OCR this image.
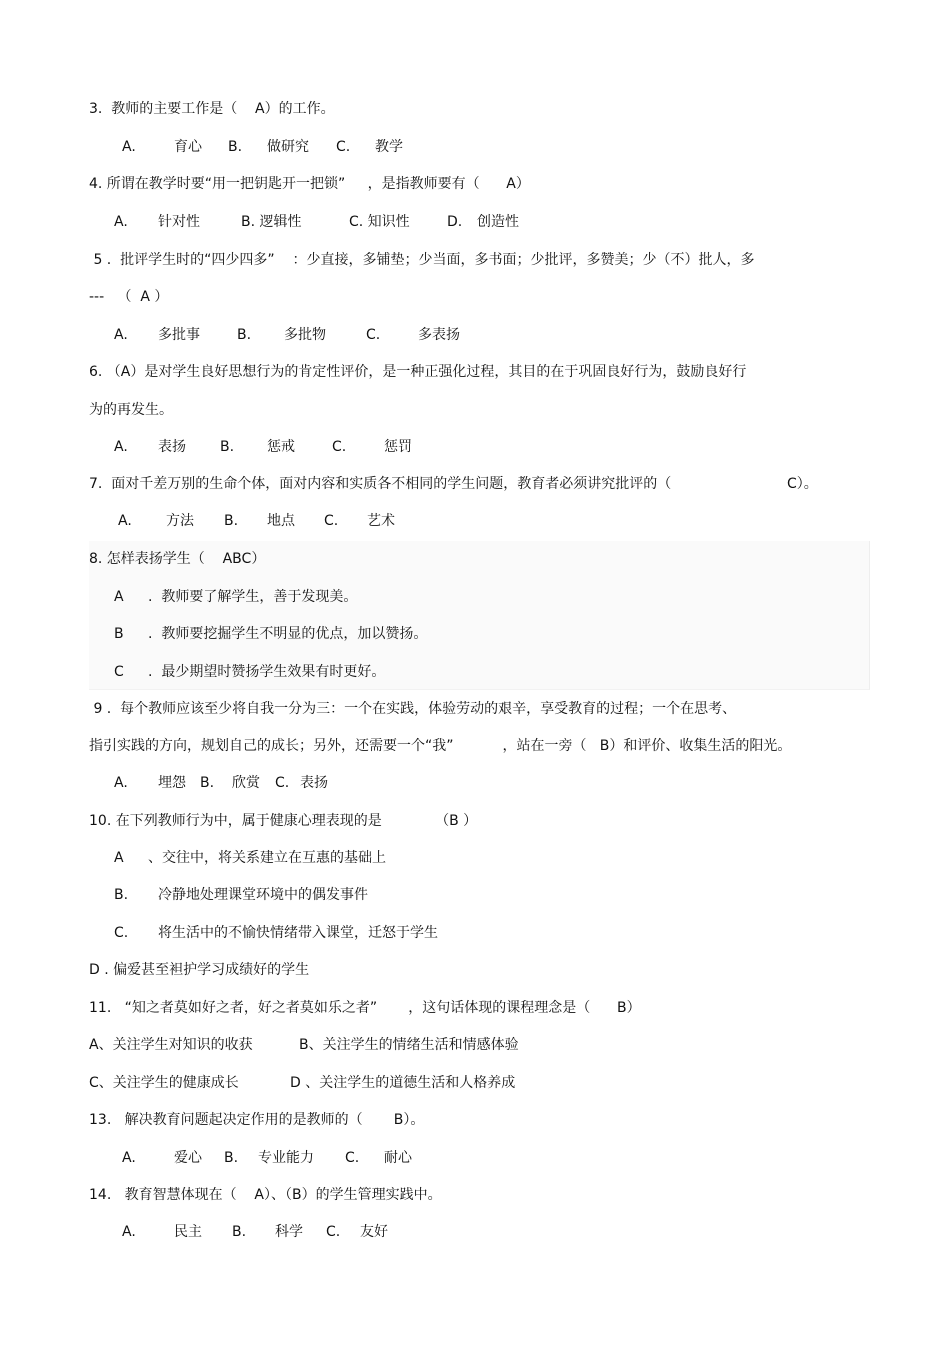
3.  教师的主要工作是（    A）的工作。
A.	育心 B. 做研究 C. 教学
4. 所谓在教学时要“用一把钥匙开一把锁”     ，是指教师要有（      A）
A. 针对性	B. 逻辑性	C. 知识性	D. 创造性
5 .  批评学生时的“四少四多”    ：少直接，多铺垫；少当面，多书面；少批评，多赞美；少（不）批人，多
---   （  A ）
A. 多批事	B. 多批物	C.	多表扬
6. （A）是对学生良好思想行为的肯定性评价，是一种正强化过程，其目的在于巩固良好行为，鼓励良好行
为的再发生。
A. 表扬 B. 惩戒	C.	惩罚
7.  面对千差万别的生命个体，面对内容和实质各不相同的学生问题，教育者必须讲究批评的（	C）。
A. 方法 B. 地点 C. 艺术
8. 怎样表扬学生（    ABC）
A .  教师要了解学生，善于发现美。
B .  教师要挖掘学生不明显的优点，加以赞扬。
C .  最少期望时赞扬学生效果有时更好。
9 .  每个教师应该至少将自我一分为三：一个在实践，体验劳动的艰辛，享受教育的过程；一个在思考、
指引实践的方向，规划自己的成长；另外，还需要一个“我”           ，站在一旁（   B）和评价、收集生活的阳光。
A. 埋怨 B. 欣赏 C. 表扬
10. 在下列教师行为中，属于健康心理表现的是            （B ）
A 、交往中，将关系建立在互惠的基础上
B. 冷静地处理课堂环境中的偶发事件
C. 将生活中的不愉快情绪带入课堂，迁怒于学生
D . 偏爱甚至袒护学习成绩好的学生
11.   “知之者莫如好之者，好之者莫如乐之者”       ，这句话体现的课程理念是（      B）
A、关注学生对知识的收获	B、关注学生的情绪生活和情感体验
C、关注学生的健康成长	D 、关注学生的道德生活和人格养成
13.   解决教育问题起决定作用的是教师的（       B）。
A.	爱心 B. 专业能力 C. 耐心
14.   教育智慧体现在（    A）、（B）的学生管理实践中。
A.	民主 B. 科学 C. 友好
